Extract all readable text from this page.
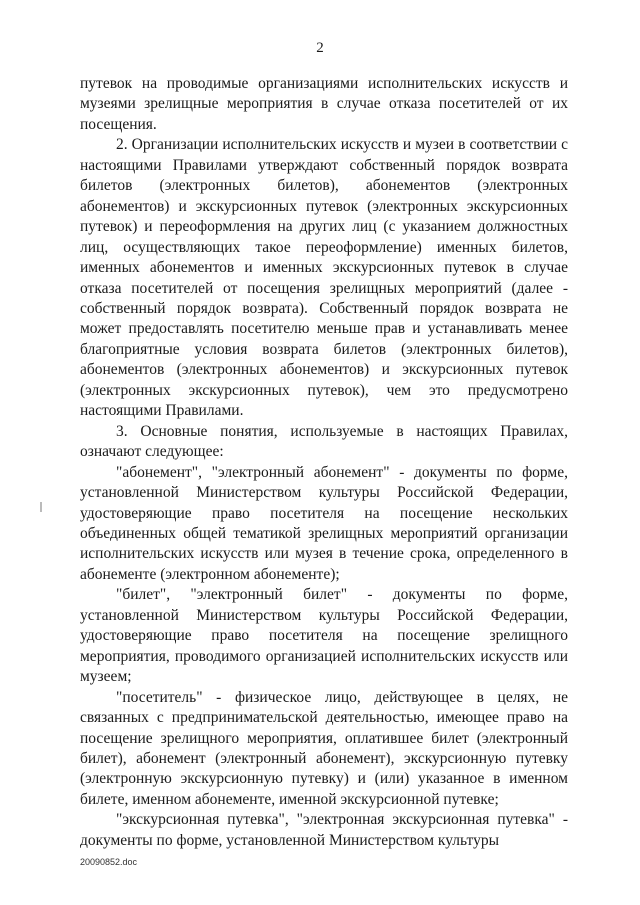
2

путевок на проводимые организациями исполнительских искусств и музеями зрелищные мероприятия в случае отказа посетителей от их посещения.

2. Организации исполнительских искусств и музеи в соответствии с настоящими Правилами утверждают собственный порядок возврата билетов (электронных билетов), абонементов (электронных абонементов) и экскурсионных путевок (электронных экскурсионных путевок) и переоформления на других лиц (с указанием должностных лиц, осуществляющих такое переоформление) именных билетов, именных абонементов и именных экскурсионных путевок в случае отказа посетителей от посещения зрелищных мероприятий (далее - собственный порядок возврата). Собственный порядок возврата не может предоставлять посетителю меньше прав и устанавливать менее благоприятные условия возврата билетов (электронных билетов), абонементов (электронных абонементов) и экскурсионных путевок (электронных экскурсионных путевок), чем это предусмотрено настоящими Правилами.

3. Основные понятия, используемые в настоящих Правилах, означают следующее:

"абонемент", "электронный абонемент" - документы по форме, установленной Министерством культуры Российской Федерации, удостоверяющие право посетителя на посещение нескольких объединенных общей тематикой зрелищных мероприятий организации исполнительских искусств или музея в течение срока, определенного в абонементе (электронном абонементе);

"билет", "электронный билет" - документы по форме, установленной Министерством культуры Российской Федерации, удостоверяющие право посетителя на посещение зрелищного мероприятия, проводимого организацией исполнительских искусств или музеем;

"посетитель" - физическое лицо, действующее в целях, не связанных с предпринимательской деятельностью, имеющее право на посещение зрелищного мероприятия, оплатившее билет (электронный билет), абонемент (электронный абонемент), экскурсионную путевку (электронную экскурсионную путевку) и (или) указанное в именном билете, именном абонементе, именной экскурсионной путевке;

"экскурсионная путевка", "электронная экскурсионная путевка" - документы по форме, установленной Министерством культуры

20090852.doc
